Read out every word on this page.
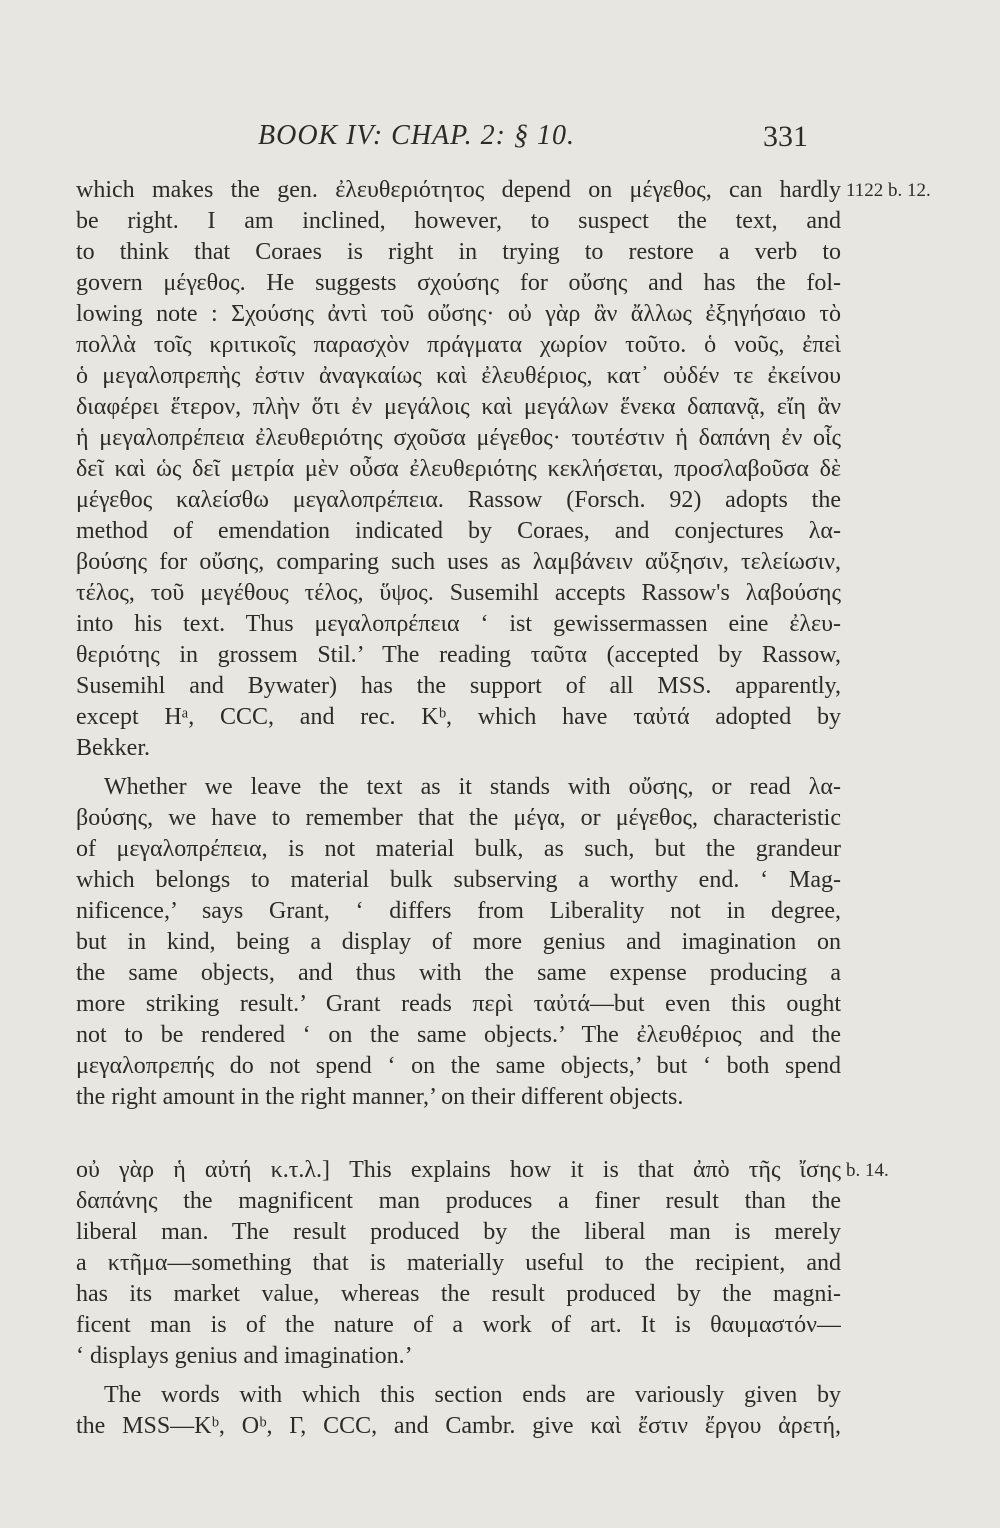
BOOK IV: CHAP. 2: § 10.	331
which makes the gen. ἐλευθεριότητος depend on μέγεθος, can hardly
be right. I am inclined, however, to suspect the text, and
to think that Coraes is right in trying to restore a verb to
govern μέγεθος. He suggests σχούσης for οὔσης and has the fol-
lowing note : Σχούσης ἀντὶ τοῦ οὔσης· οὐ γὰρ ἂν ἄλλως ἐξηγήσαιο τὸ
πολλὰ τοῖς κριτικοῖς παρασχὸν πράγματα χωρίον τοῦτο. ὁ νοῦς, ἐπεὶ
ὁ μεγαλοπρεπὴς ἐστιν ἀναγκαίως καὶ ἐλευθέριος, κατ᾽ οὐδέν τε ἐκείνου
διαφέρει ἕτερον, πλὴν ὅτι ἐν μεγάλοις καὶ μεγάλων ἕνεκα δαπανᾷ, εἴη ἂν
ἡ μεγαλοπρέπεια ἐλευθεριότης σχοῦσα μέγεθος· τουτέστιν ἡ δαπάνη ἐν οἷς
δεῖ καὶ ὡς δεῖ μετρία μὲν οὖσα ἐλευθεριότης κεκλήσεται, προσλαβοῦσα δὲ
μέγεθος καλείσθω μεγαλοπρέπεια. Rassow (Forsch. 92) adopts the
method of emendation indicated by Coraes, and conjectures λα-
βούσης for οὔσης, comparing such uses as λαμβάνειν αὔξησιν, τελείωσιν,
τέλος, τοῦ μεγέθους τέλος, ὕψος. Susemihl accepts Rassow's λαβούσης
into his text. Thus μεγαλοπρέπεια ‘ ist gewissermassen eine ἐλευ-
θεριότης in grossem Stil.’ The reading ταῦτα (accepted by Rassow,
Susemihl and Bywater) has the support of all MSS. apparently,
except Hᵃ, CCC, and rec. Kᵇ, which have ταὐτά adopted by
Bekker.
Whether we leave the text as it stands with οὔσης, or read λα-
βούσης, we have to remember that the μέγα, or μέγεθος, characteristic
of μεγαλοπρέπεια, is not material bulk, as such, but the grandeur
which belongs to material bulk subserving a worthy end. ‘ Mag-
nificence,’ says Grant, ‘ differs from Liberality not in degree,
but in kind, being a display of more genius and imagination on
the same objects, and thus with the same expense producing a
more striking result.’ Grant reads περὶ ταὐτά—but even this ought
not to be rendered ‘ on the same objects.’ The ἐλευθέριος and the
μεγαλοπρεπής do not spend ‘ on the same objects,’ but ‘ both spend
the right amount in the right manner,’ on their different objects.
οὐ γὰρ ἡ αὐτή κ.τ.λ.] This explains how it is that ἀπὸ τῆς ἴσης
δαπάνης the magnificent man produces a finer result than the
liberal man. The result produced by the liberal man is merely
a κτῆμα—something that is materially useful to the recipient, and
has its market value, whereas the result produced by the magni-
ficent man is of the nature of a work of art. It is θαυμαστόν—
‘ displays genius and imagination.’
The words with which this section ends are variously given by
the MSS—Kᵇ, Oᵇ, Γ, CCC, and Cambr. give καὶ ἔστιν ἔργου ἀρετή,
1122 b. 12.
b. 14.
